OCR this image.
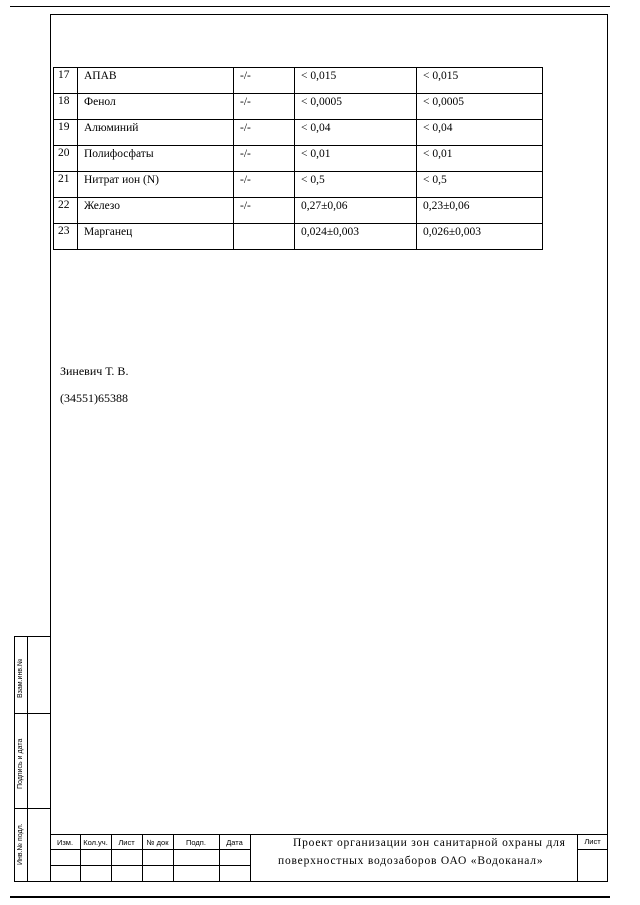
17	АПАВ	-/-	< 0,015	< 0,015
18	Фенол	-/-	< 0,0005	< 0,0005
19	Алюминий	-/-	< 0,04	< 0,04
20	Полифосфаты	-/-	< 0,01	< 0,01
21	Нитрат ион (N)	-/-	< 0,5	< 0,5
22	Железо	-/-	0,27±0,06	0,23±0,06
23	Марганец		0,024±0,003	0,026±0,003
Зиневич Т. В.
(34551)65388
Взам.инв.№
Подпись и дата
Инв.№ подл.	Изм.	Кол.уч.	Лист	№ док	Подп.	Дата	Проект организации зон санитарной охраны для
поверхностных водозаборов ОАО «Водоканал»
Лист
